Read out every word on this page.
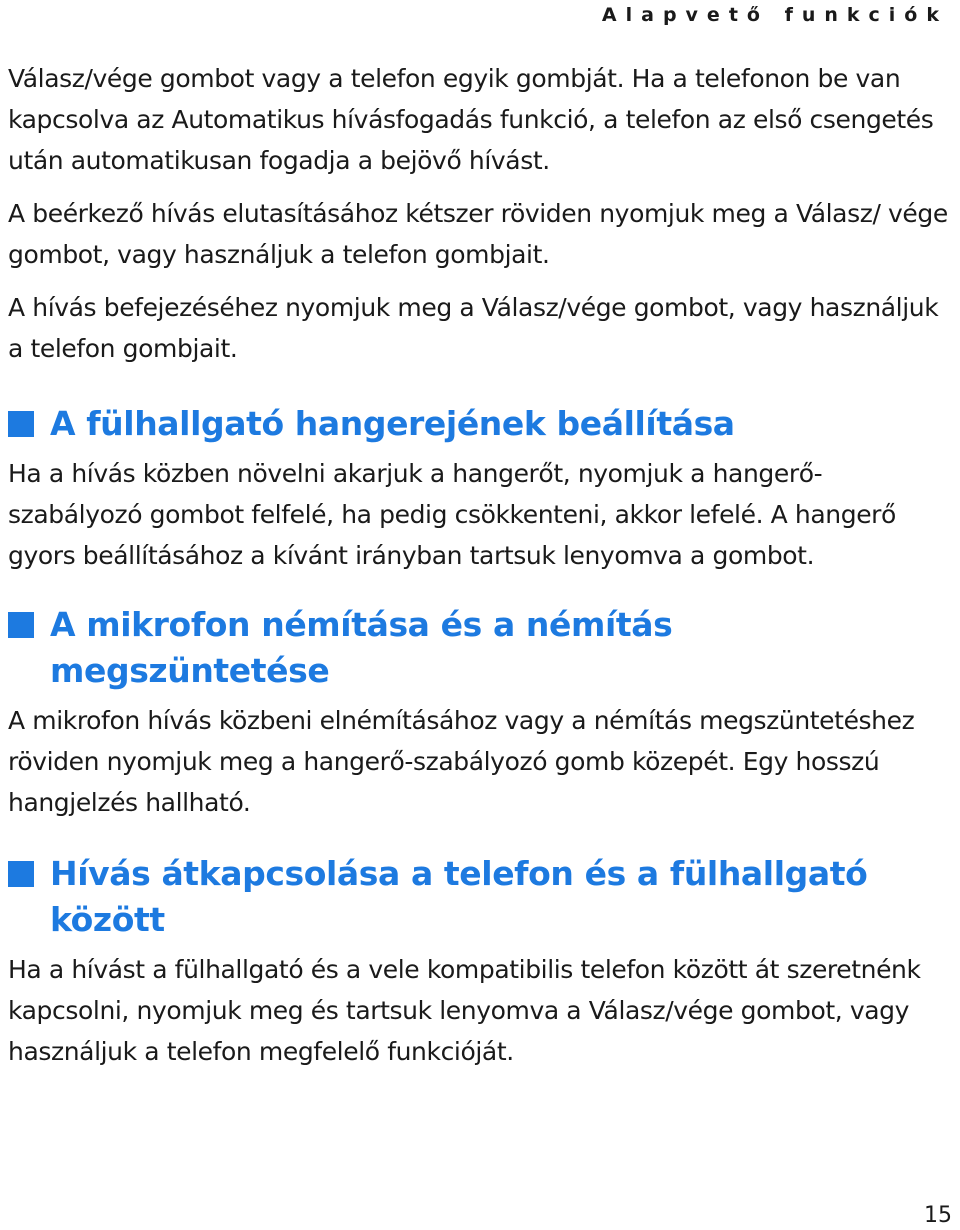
Alapvető funkciók

Válasz/vége gombot vagy a telefon egyik gombját. Ha a telefonon be van kapcsolva az Automatikus hívásfogadás funkció, a telefon az első csengetés után automatikusan fogadja a bejövő hívást.

A beérkező hívás elutasításához kétszer röviden nyomjuk meg a Válasz/ vége gombot, vagy használjuk a telefon gombjait.

A hívás befejezéséhez nyomjuk meg a Válasz/vége gombot, vagy használjuk a telefon gombjait.

A fülhallgató hangerejének beállítása

Ha a hívás közben növelni akarjuk a hangerőt, nyomjuk a hangerő-szabályozó gombot felfelé, ha pedig csökkenteni, akkor lefelé. A hangerő gyors beállításához a kívánt irányban tartsuk lenyomva a gombot.

A mikrofon némítása és a némítás megszüntetése

A mikrofon hívás közbeni elnémításához vagy a némítás megszüntetéshez röviden nyomjuk meg a hangerő-szabályozó gomb közepét. Egy hosszú hangjelzés hallható.

Hívás átkapcsolása a telefon és a fülhallgató között

Ha a hívást a fülhallgató és a vele kompatibilis telefon között át szeretnénk kapcsolni, nyomjuk meg és tartsuk lenyomva a Válasz/vége gombot, vagy használjuk a telefon megfelelő funkcióját.

15
